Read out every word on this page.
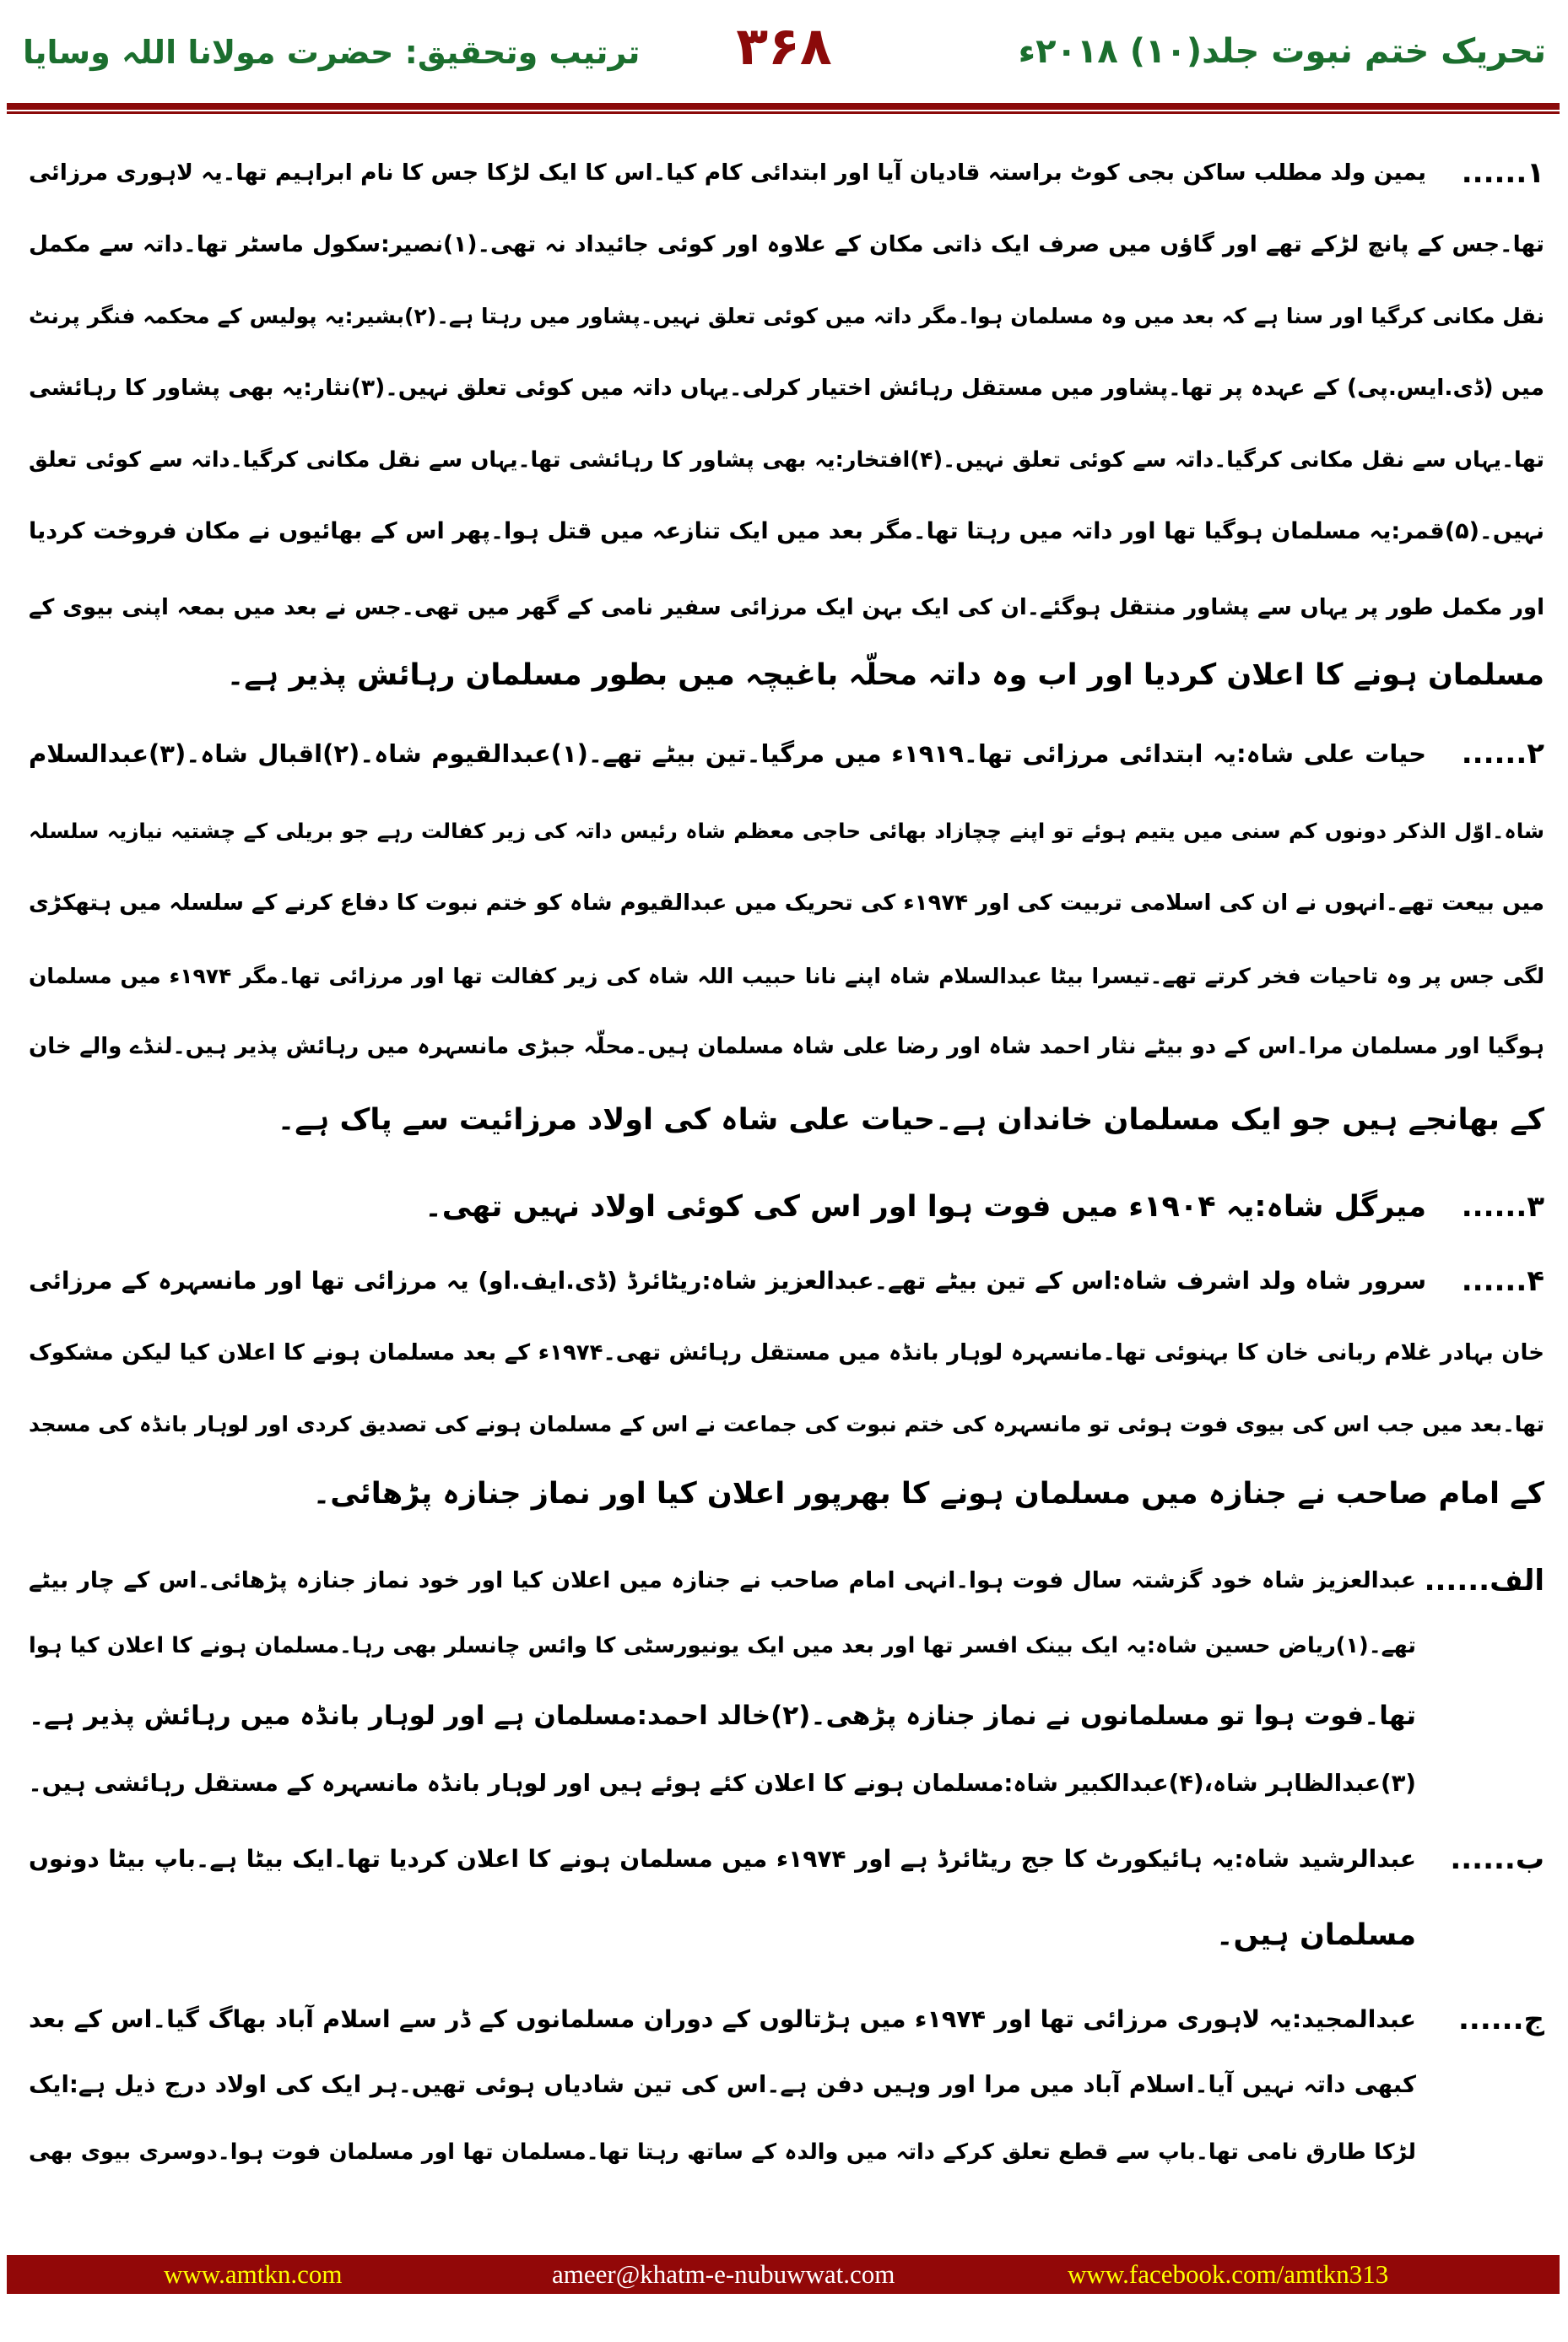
تحریک ختم نبوت جلد(۱۰) ۲۰۱۸ء
۳۶۸
ترتیب وتحقیق: حضرت مولانا اللہ وسایا
۱......
یمین ولد مطلب ساکن بجی کوٹ براستہ قادیان آیا اور ابتدائی کام کیا۔اس کا ایک لڑکا جس کا نام ابراہیم تھا۔یہ لاہوری مرزائی
تھا۔جس کے پانچ لڑکے تھے اور گاؤں میں صرف ایک ذاتی مکان کے علاوہ اور کوئی جائیداد نہ تھی۔(۱)نصیر:سکول ماسٹر تھا۔داتہ سے مکمل
نقل مکانی کرگیا اور سنا ہے کہ بعد میں وہ مسلمان ہوا۔مگر داتہ میں کوئی تعلق نہیں۔پشاور میں رہتا ہے۔(۲)بشیر:یہ پولیس کے محکمہ فنگر پرنٹ
میں (ڈی.ایس.پی) کے عہدہ پر تھا۔پشاور میں مستقل رہائش اختیار کرلی۔یہاں داتہ میں کوئی تعلق نہیں۔(۳)نثار:یہ بھی پشاور کا رہائشی
تھا۔یہاں سے نقل مکانی کرگیا۔داتہ سے کوئی تعلق نہیں۔(۴)افتخار:یہ بھی پشاور کا رہائشی تھا۔یہاں سے نقل مکانی کرگیا۔داتہ سے کوئی تعلق
نہیں۔(۵)قمر:یہ مسلمان ہوگیا تھا اور داتہ میں رہتا تھا۔مگر بعد میں ایک تنازعہ میں قتل ہوا۔پھر اس کے بھائیوں نے مکان فروخت کردیا
اور مکمل طور پر یہاں سے پشاور منتقل ہوگئے۔ان کی ایک بہن ایک مرزائی سفیر نامی کے گھر میں تھی۔جس نے بعد میں بمعہ اپنی بیوی کے
مسلمان ہونے کا اعلان کردیا اور اب وہ داتہ محلّہ باغیچہ میں بطور مسلمان رہائش پذیر ہے۔
۲......
حیات علی شاہ:یہ ابتدائی مرزائی تھا۔۱۹۱۹ء میں مرگیا۔تین بیٹے تھے۔(۱)عبدالقیوم شاہ۔(۲)اقبال شاہ۔(۳)عبدالسلام
شاہ۔اوّل الذکر دونوں کم سنی میں یتیم ہوئے تو اپنے چچازاد بھائی حاجی معظم شاہ رئیس داتہ کی زیر کفالت رہے جو بریلی کے چشتیہ نیازیہ سلسلہ
میں بیعت تھے۔انہوں نے ان کی اسلامی تربیت کی اور ۱۹۷۴ء کی تحریک میں عبدالقیوم شاہ کو ختم نبوت کا دفاع کرنے کے سلسلہ میں ہتھکڑی
لگی جس پر وہ تاحیات فخر کرتے تھے۔تیسرا بیٹا عبدالسلام شاہ اپنے نانا حبیب اللہ شاہ کی زیر کفالت تھا اور مرزائی تھا۔مگر ۱۹۷۴ء میں مسلمان
ہوگیا اور مسلمان مرا۔اس کے دو بیٹے نثار احمد شاہ اور رضا علی شاہ مسلمان ہیں۔محلّہ جبڑی مانسہرہ میں رہائش پذیر ہیں۔لنڈے والے خان
کے بھانجے ہیں جو ایک مسلمان خاندان ہے۔حیات علی شاہ کی اولاد مرزائیت سے پاک ہے۔
۳......
میرگل شاہ:یہ ۱۹۰۴ء میں فوت ہوا اور اس کی کوئی اولاد نہیں تھی۔
۴......
سرور شاہ ولد اشرف شاہ:اس کے تین بیٹے تھے۔عبدالعزیز شاہ:ریٹائرڈ (ڈی.ایف.او) یہ مرزائی تھا اور مانسہرہ کے مرزائی
خان بہادر غلام ربانی خان کا بہنوئی تھا۔مانسہرہ لوہار بانڈہ میں مستقل رہائش تھی۔۱۹۷۴ء کے بعد مسلمان ہونے کا اعلان کیا لیکن مشکوک
تھا۔بعد میں جب اس کی بیوی فوت ہوئی تو مانسہرہ کی ختم نبوت کی جماعت نے اس کے مسلمان ہونے کی تصدیق کردی اور لوہار بانڈہ کی مسجد
کے امام صاحب نے جنازہ میں مسلمان ہونے کا بھرپور اعلان کیا اور نماز جنازہ پڑھائی۔
الف......
عبدالعزیز شاہ خود گزشتہ سال فوت ہوا۔انہی امام صاحب نے جنازہ میں اعلان کیا اور خود نماز جنازہ پڑھائی۔اس کے چار بیٹے
تھے۔(۱)ریاض حسین شاہ:یہ ایک بینک افسر تھا اور بعد میں ایک یونیورسٹی کا وائس چانسلر بھی رہا۔مسلمان ہونے کا اعلان کیا ہوا
تھا۔فوت ہوا تو مسلمانوں نے نماز جنازہ پڑھی۔(۲)خالد احمد:مسلمان ہے اور لوہار بانڈہ میں رہائش پذیر ہے۔
(۳)عبدالظاہر شاہ،(۴)عبدالکبیر شاہ:مسلمان ہونے کا اعلان کئے ہوئے ہیں اور لوہار بانڈہ مانسہرہ کے مستقل رہائشی ہیں۔
ب......
عبدالرشید شاہ:یہ ہائیکورٹ کا جج ریٹائرڈ ہے اور ۱۹۷۴ء میں مسلمان ہونے کا اعلان کردیا تھا۔ایک بیٹا ہے۔باپ بیٹا دونوں
مسلمان ہیں۔
ج......
عبدالمجید:یہ لاہوری مرزائی تھا اور ۱۹۷۴ء میں ہڑتالوں کے دوران مسلمانوں کے ڈر سے اسلام آباد بھاگ گیا۔اس کے بعد
کبھی داتہ نہیں آیا۔اسلام آباد میں مرا اور وہیں دفن ہے۔اس کی تین شادیاں ہوئی تھیں۔ہر ایک کی اولاد درج ذیل ہے:ایک
لڑکا طارق نامی تھا۔باپ سے قطع تعلق کرکے داتہ میں والدہ کے ساتھ رہتا تھا۔مسلمان تھا اور مسلمان فوت ہوا۔دوسری بیوی بھی
www.amtkn.com	ameer@khatm-e-nubuwwat.com	www.facebook.com/amtkn313
